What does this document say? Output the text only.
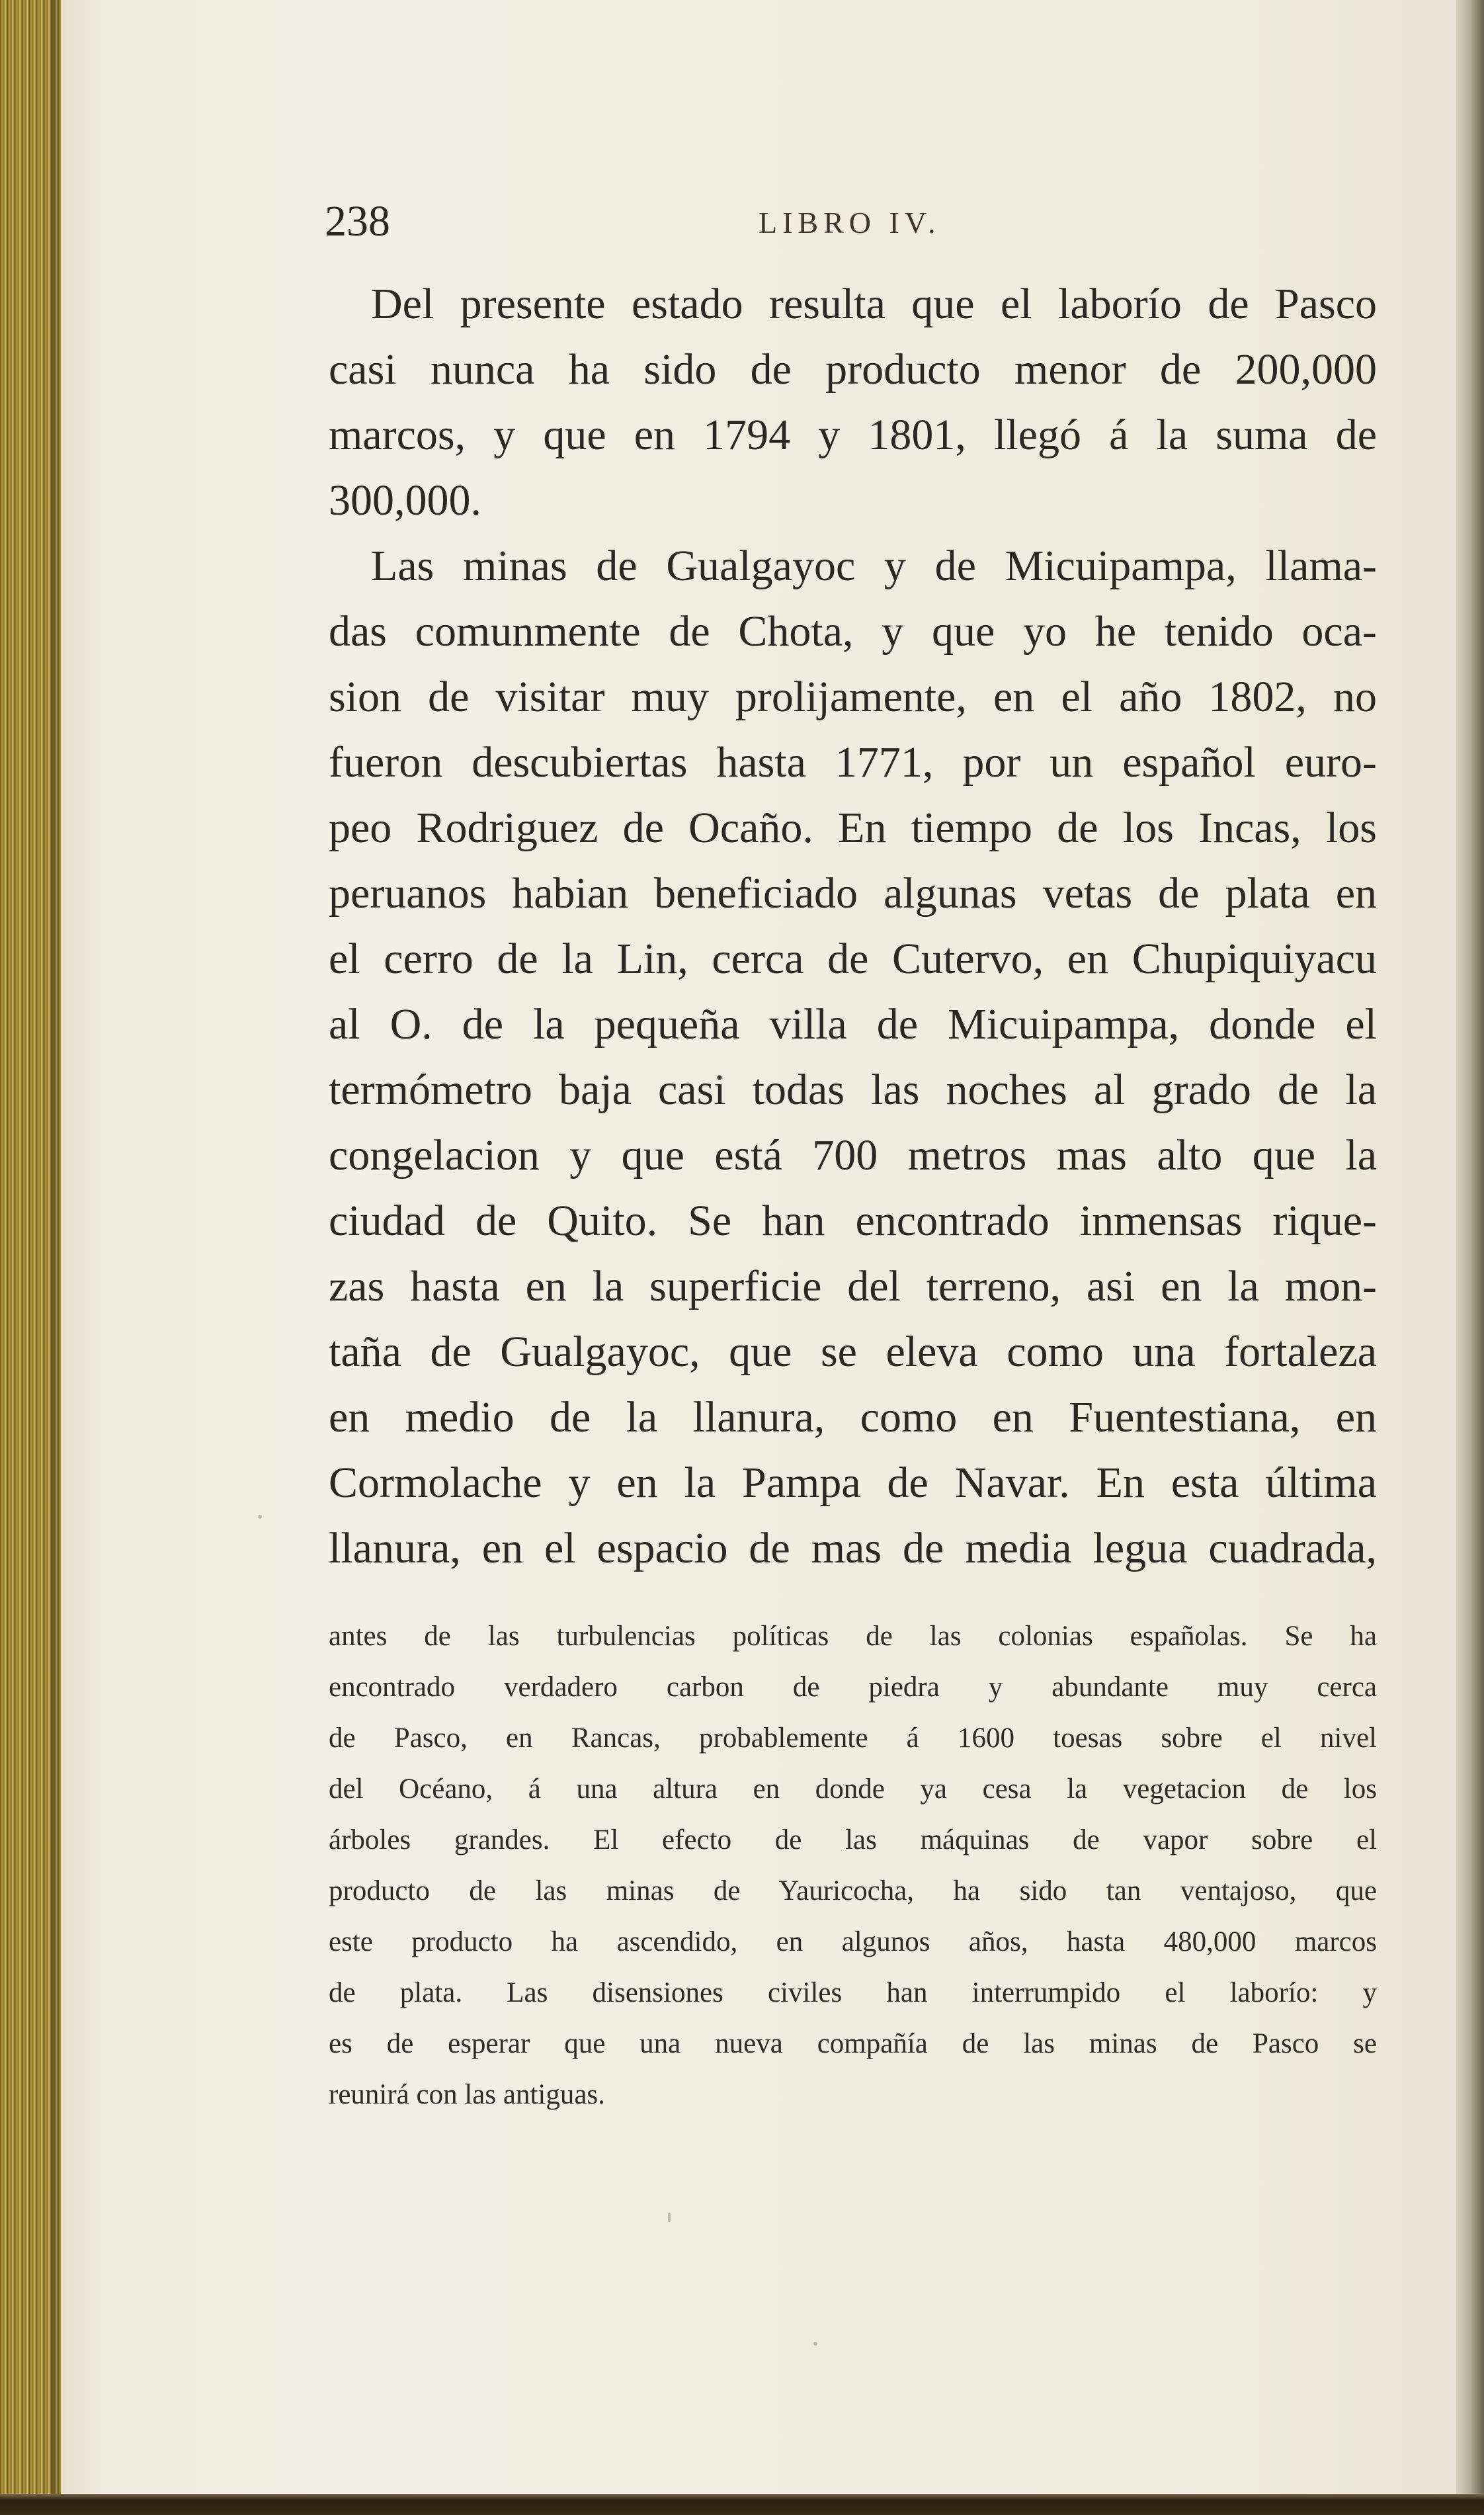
238	LIBRO IV.
Del presente estado resulta que el laborío de Pasco
casi nunca ha sido de producto menor de 200,000
marcos, y que en 1794 y 1801, llegó á la suma de
300,000.
Las minas de Gualgayoc y de Micuipampa, llama-
das comunmente de Chota, y que yo he tenido oca-
sion de visitar muy prolijamente, en el año 1802, no
fueron descubiertas hasta 1771, por un español euro-
peo Rodriguez de Ocaño. En tiempo de los Incas, los
peruanos habian beneficiado algunas vetas de plata en
el cerro de la Lin, cerca de Cutervo, en Chupiquiyacu
al O. de la pequeña villa de Micuipampa, donde el
termómetro baja casi todas las noches al grado de la
congelacion y que está 700 metros mas alto que la
ciudad de Quito. Se han encontrado inmensas rique-
zas hasta en la superficie del terreno, asi en la mon-
taña de Gualgayoc, que se eleva como una fortaleza
en medio de la llanura, como en Fuentestiana, en
Cormolache y en la Pampa de Navar. En esta última
llanura, en el espacio de mas de media legua cuadrada,
antes de las turbulencias políticas de las colonias españolas. Se ha
encontrado verdadero carbon de piedra y abundante muy cerca
de Pasco, en Rancas, probablemente á 1600 toesas sobre el nivel
del Océano, á una altura en donde ya cesa la vegetacion de los
árboles grandes. El efecto de las máquinas de vapor sobre el
producto de las minas de Yauricocha, ha sido tan ventajoso, que
este producto ha ascendido, en algunos años, hasta 480,000 marcos
de plata. Las disensiones civiles han interrumpido el laborío: y
es de esperar que una nueva compañía de las minas de Pasco se
reunirá con las antiguas.
